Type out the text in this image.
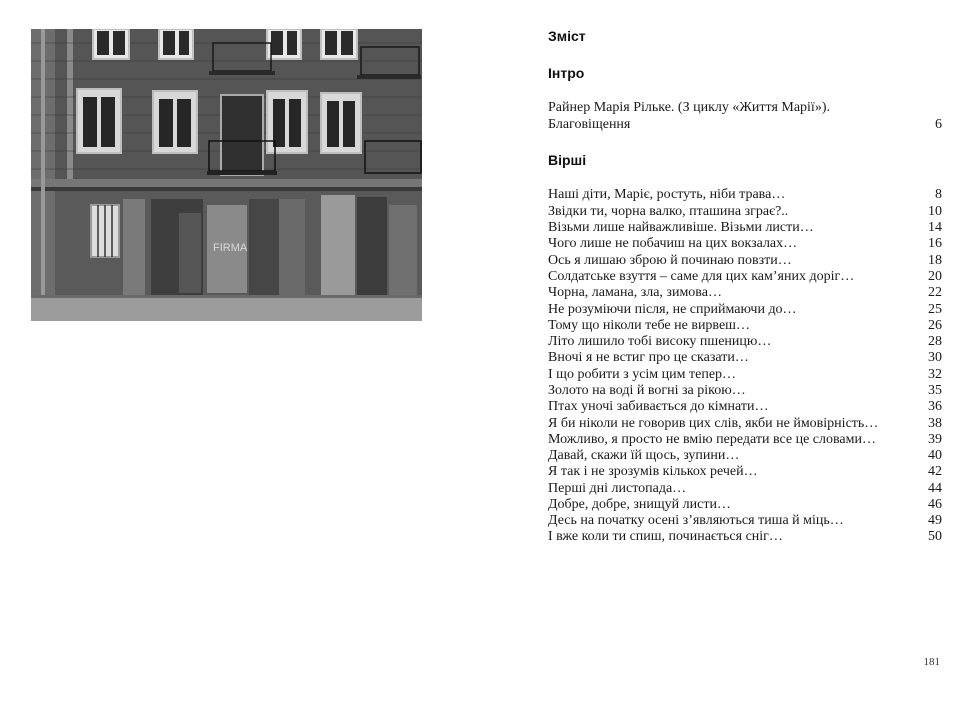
FIRMA
Зміст
Інтро
Райнер Марія Рільке. (З циклу «Життя Марії»).
Благовіщення	6
Вірші
Наші діти, Маріє, ростуть, ніби трава…	8
Звідки ти, чорна валко, пташина зграє?..	10
Візьми лише найважливіше. Візьми листи…	14
Чого лише не побачиш на цих вокзалах…	16
Ось я лишаю зброю й починаю повзти…	18
Солдатське взуття – саме для цих кам’яних доріг…	20
Чорна, ламана, зла, зимова…	22
Не розуміючи після, не сприймаючи до…	25
Тому що ніколи тебе не вирвеш…	26
Літо лишило тобі високу пшеницю…	28
Вночі я не встиг про це сказати…	30
І що робити з усім цим тепер…	32
Золото на воді й вогні за рікою…	35
Птах уночі забивається до кімнати…	36
Я би ніколи не говорив цих слів, якби не ймовірність…	38
Можливо, я просто не вмію передати все це словами…	39
Давай, скажи їй щось, зупини…	40
Я так і не зрозумів кількох речей…	42
Перші дні листопада…	44
Добре, добре, знищуй листи…	46
Десь на початку осені з’являються тиша й міць…	49
І вже коли ти спиш, починається сніг…	50
181
